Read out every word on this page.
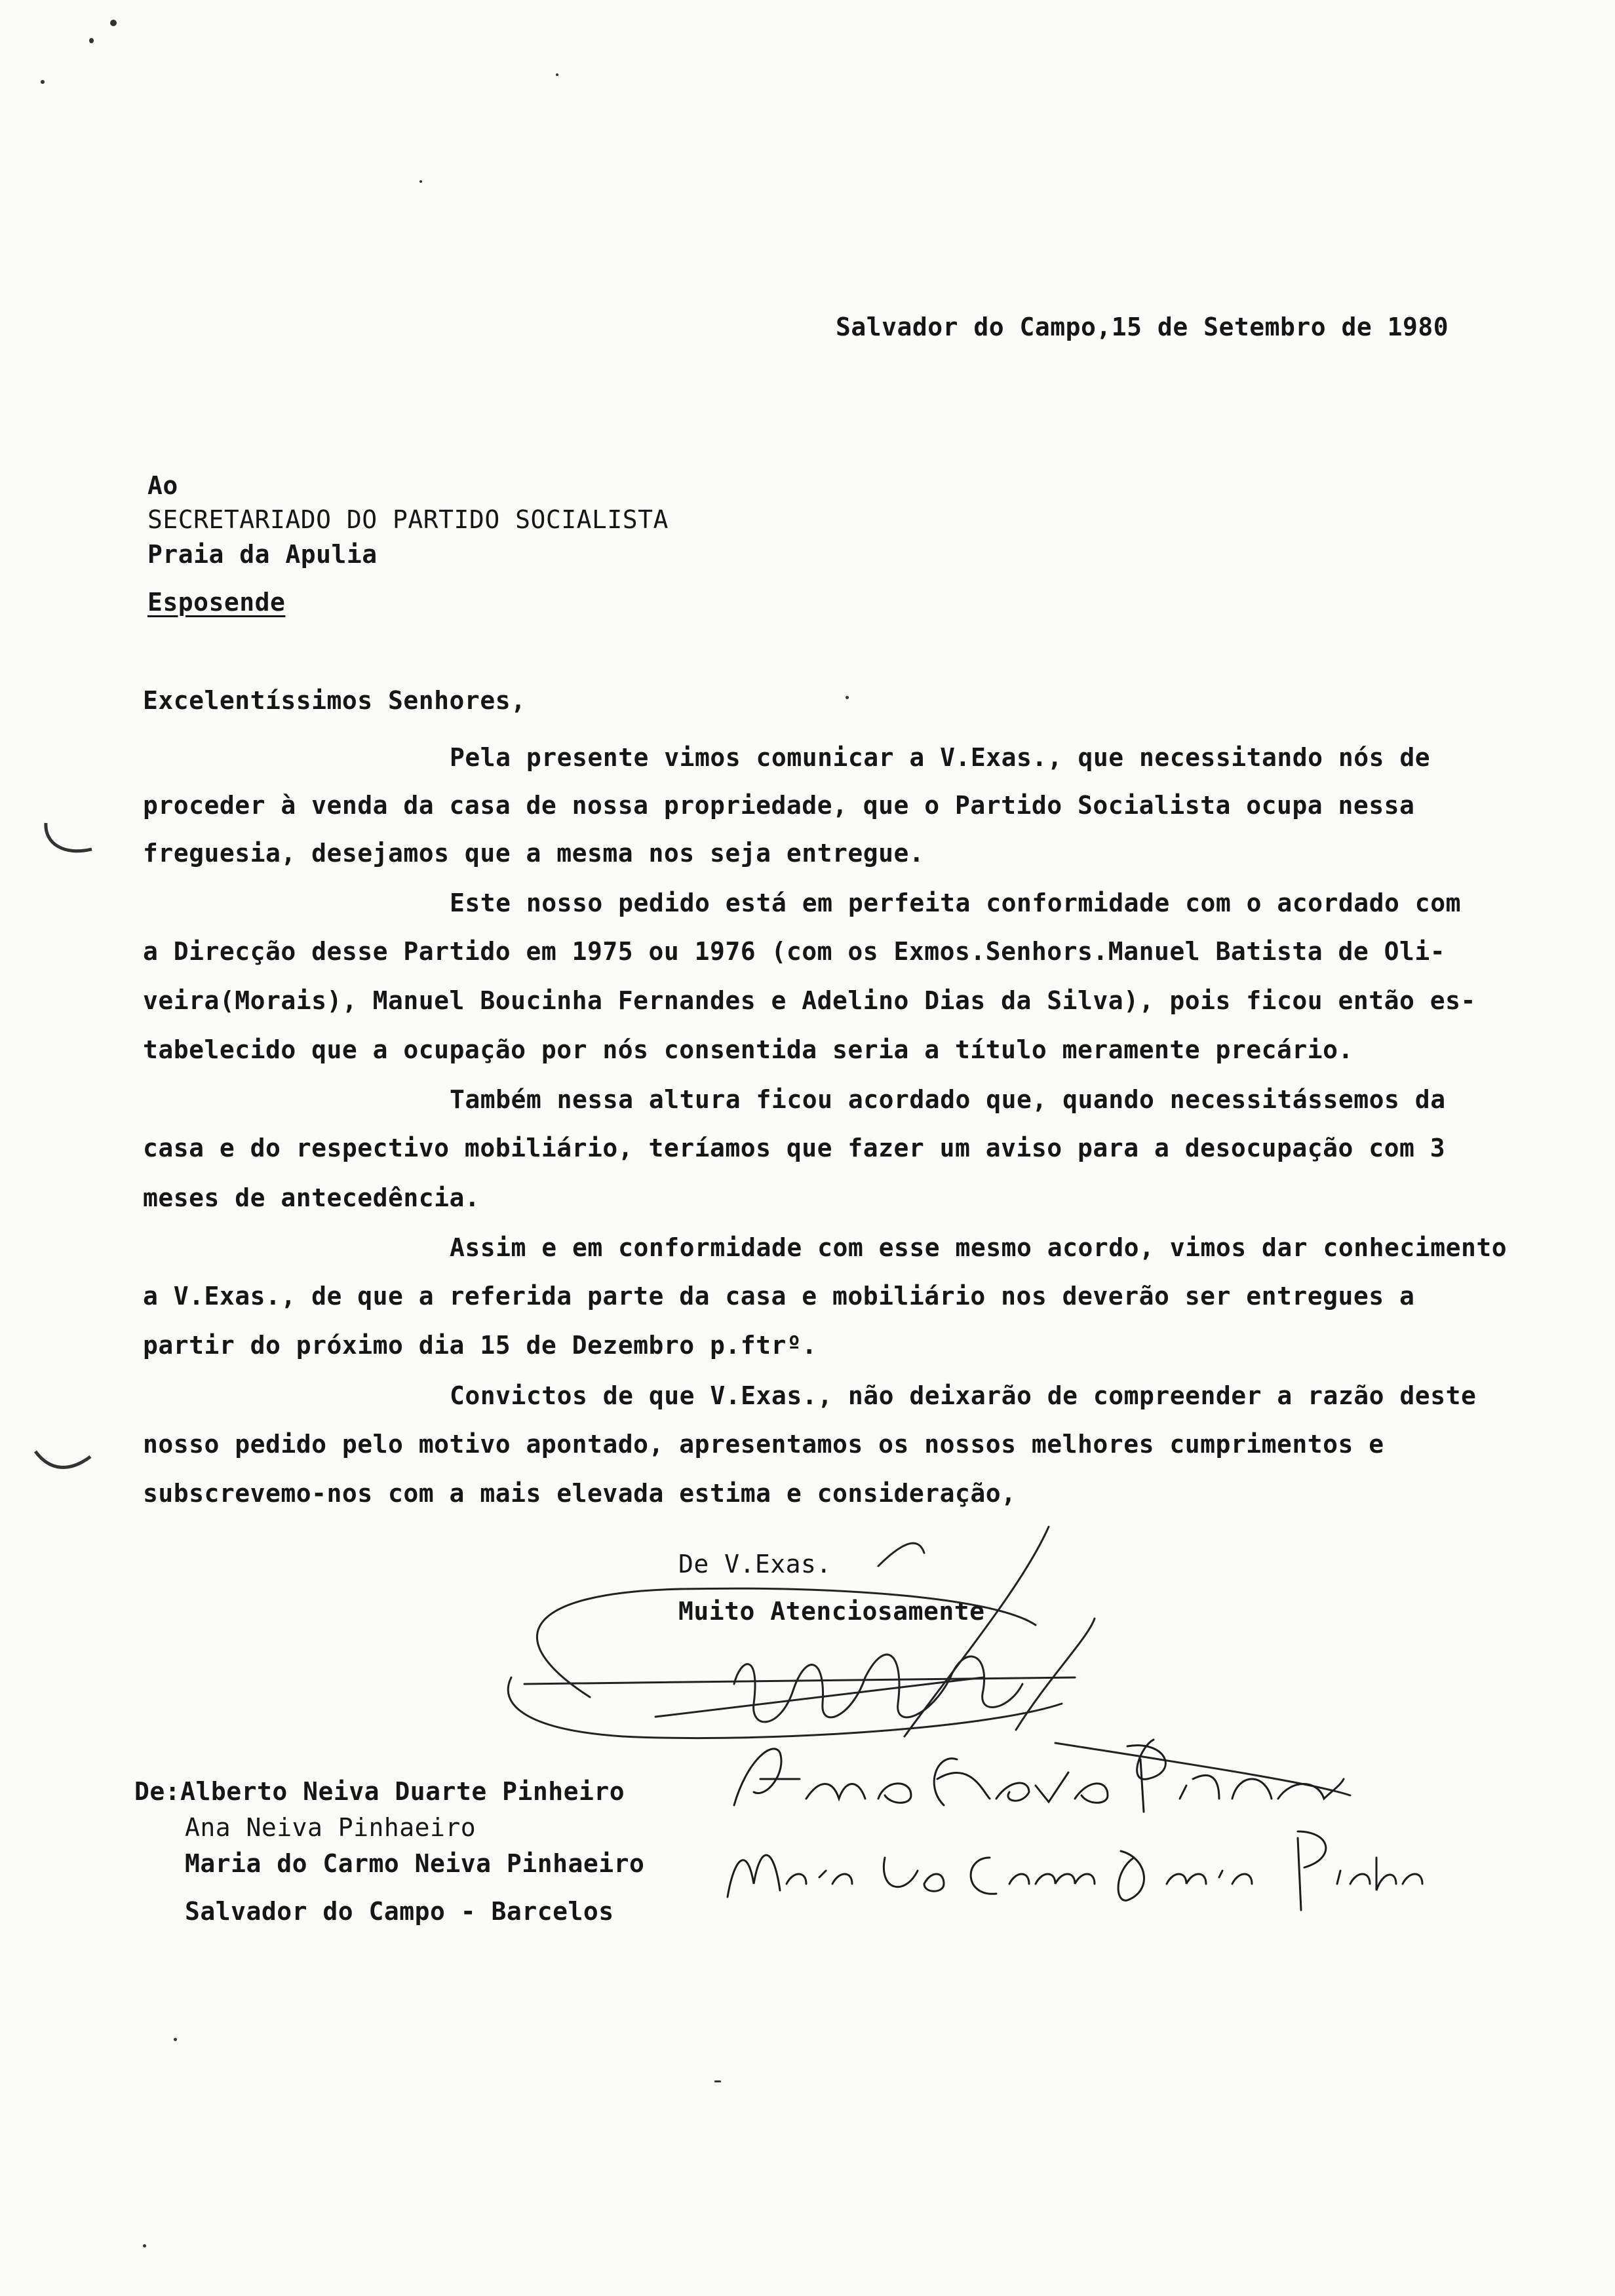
Salvador do Campo,15 de Setembro de 1980
Ao
SECRETARIADO DO PARTIDO SOCIALISTA
Praia da Apulia
Esposende
Excelentíssimos Senhores,
Pela presente vimos comunicar a V.Exas., que necessitando nós de
proceder à venda da casa de nossa propriedade, que o Partido Socialista ocupa nessa
freguesia, desejamos que a mesma nos seja entregue.
Este nosso pedido está em perfeita conformidade com o acordado com
a Direcção desse Partido em 1975 ou 1976 (com os Exmos.Senhors.Manuel Batista de Oli-
veira(Morais), Manuel Boucinha Fernandes e Adelino Dias da Silva), pois ficou então es-
tabelecido que a ocupação por nós consentida seria a título meramente precário.
Também nessa altura ficou acordado que, quando necessitássemos da
casa e do respectivo mobiliário, teríamos que fazer um aviso para a desocupação com 3
meses de antecedência.
Assim e em conformidade com esse mesmo acordo, vimos dar conhecimento
a V.Exas., de que a referida parte da casa e mobiliário nos deverão ser entregues a
partir do próximo dia 15 de Dezembro p.ftrº.
Convictos de que V.Exas., não deixarão de compreender a razão deste
nosso pedido pelo motivo apontado, apresentamos os nossos melhores cumprimentos e
subscrevemo-nos com a mais elevada estima e consideração,
De V.Exas.
Muito Atenciosamente
Ana Neiva Pinheiro
Maria do Carmo Neiva Pinheiro
De:Alberto Neiva Duarte Pinheiro
Ana Neiva Pinhaeiro
Maria do Carmo Neiva Pinhaeiro
Salvador do Campo - Barcelos
